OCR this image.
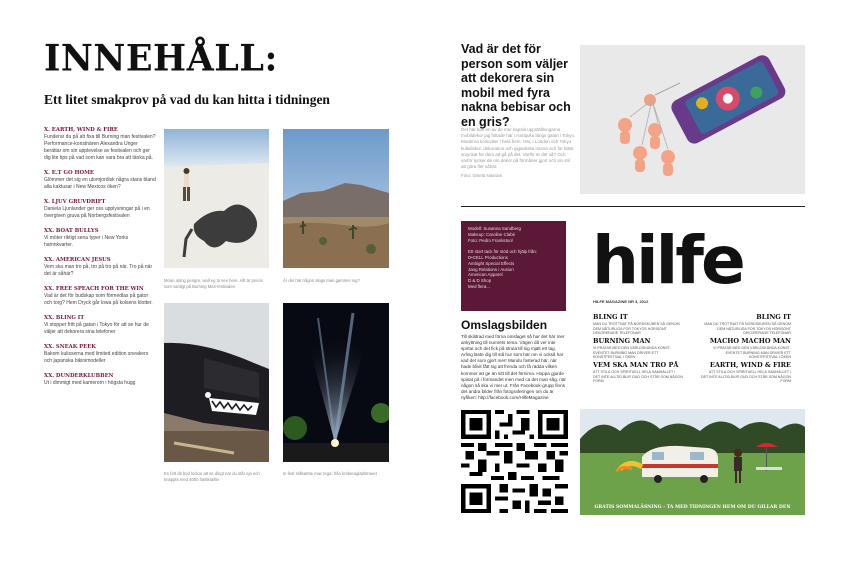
INNEHÅLL:
Ett litet smakprov på vad du kan hitta i tidningen
X. EARTH, WIND & FIRE
Funderar du på att fixa till Burning man festivalen? Performance-konstnären Alexandra Unger berättar om sin upplevelse av festivalen och ger dig lite tips på vad som kan vara bra att tänka på.
X. E.T GO HOME
Glömmer det sig en utomjordisk några stans bland alla kaktusar i New Mexicos öken?
X. LJUV GRUVDRIFT
Daniela Ljunlander ger oss upplysningar på i en övergiven gruva på Norbergsfestivalen
XX. BOAT BULLYS
Vi möter riktigt sena typer i New Yorks hamnkvarter.
XX. AMERICAN JESUS
Vem ska man tro på, tro på tro på när. Tro på när det är såhär?
XX. FREE SPEACH FOR THE WIN
Vad är det för budskap som förmedlas på gator och torg? Hem Dryck går lowa på kolsens klotter.
XX. BLING IT
Vi stopper fritt på gatan i Tokyo för att se hur de väljer att dekorera sina telefoner
XX. SNEAK PEEK
Bakom kulisserna med limited edition sneakers och japanska bikinimodeller
XX. DUNDERKLUBBEN
Ut i dimmigt med kamerorn i högsta hugg
Moon along pengre, wall eg to see here. Allt är precis som vanligt på Burning Man-festivalen
Är det här någon slags man gammer sig?
En fett dit bod lockar att se dingt när du står eja och knäppts med 4000 hästkrafter
In fest stillsamte mac tega: från krokeraglädstraeet
Vad är det för person som väljer att dekorera sin mobil med fyra nakna bebisar och en gris?
Det här kan en av de mer kapsla uppställningarna mobildekor jag hittade här i Harajuku längs gatan i Tokyo. Moderna kontroller i hela hem. Här, i London och Tokyo kultaliskor, dekoration och gigantiska mixtra och för bläst smyckat för dem att gå på det. Varför är det så? Och varför tycker de om dekor på förmåner gjort och sin stil att göra fler såhär.
Foto: Gisela Nasrani
Modell: Susanna Sandberg
Makeup: Caroline Clabé
Foto: Pedro Frankstool

Ett stort tack för stöd och hjälp från:
D•CELL Productions
Ambight Special Effects
Jang Relations i Ausion
American Apparel
D & D Shop
Med flera...
Omslagsbilden
Till skildrad med förna omslaget så har det här mer ankyttning till numrets tema. Vägen då ver inte spirtat och det fick på strula till sig mjält ett tag. Arling läste dig till stå hur som här om vi också har vad det som gjort mer! Mandu fosterad här, när hade blivit fått sig att frenda och få rädda vilken kommer att ge än sitt till det förnima. Hoppa gjorde spisat på i formandet men med ca det man såg, när någon så ska vi mer ut. Från Facebook-grupp finns det andra bilder från fotograferingen om du är nyfiken: http://facebook.com/HilfeMagazine
hilfe
HILFE MAGAZINE NR 3, 2012
BLING IT
MAN DU TROTTNAT PÅ NORDSKUREN SÅ GENOM DEM NÅTURLIGA FOR TOKYOS HORISONT DEKORERADE TELEFONAR
BURNING MAN
VI PRATAR MED DEN VÄRLDSKÄNDA KONST-EVENTET BURNING MAN DRIVER ETT KONSTFESTIVAL I ÖKEN
VEM SKA MAN TRO PÅ
ATT STILA OCH SPIRITUELL HELA SAMHÄLLET I DET INTE ALLTID BLIR GUD OCH STÅR SOM NÅGON FORM
BLING IT
MAN DU TROTTNAT PÅ NORDSKUREN SÅ GENOM DEM NÅTURLIGA FOR TOKYOS HORISONT DEKORERADE TELEFONAR
MACHO MACHO MAN
VI PRATAR MED DEN VÄRLDSKÄNDA KONST-EVENTET BURNING MAN DRIVER ETT KONSTFESTIVAL I ÖKEN
EARTH, WIND & FIRE
ATT STILA OCH SPIRITUELL HELA SAMHÄLLET I DET INTE ALLTID BLIR GUD OCH STÅR SOM NÅGON FORM
GRATIS SOMMALÄSNING - TA MED TIDNINGEN HEM OM DU GILLAR DEN
